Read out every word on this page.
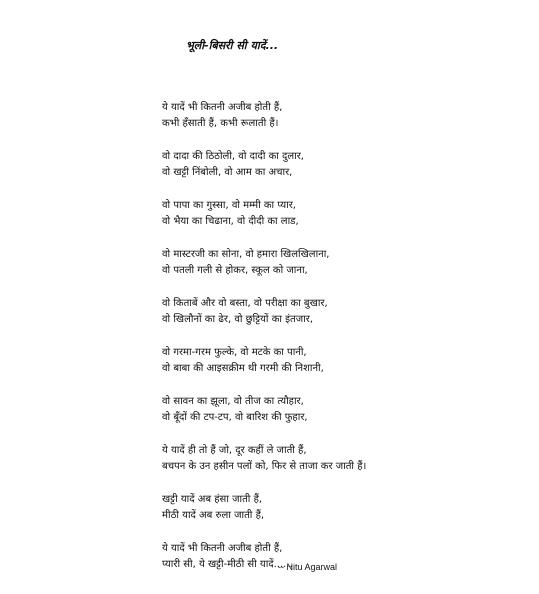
भूली-बिसरी सी यादें...
ये यादें भी कितनी अजीब होती हैं,
कभी हँसाती हैं, कभी रूलाती हैं।
वो दादा की ठिठोली, वो दादी का दुलार,
वो खट्टी निंबोली, वो आम का अचार,
वो पापा का गुस्सा, वो मम्मी का प्यार,
वो भैया का चिढाना, वो दीदी का लाड,
वो मास्टरजी का सोना, वो हमारा खिलखिलाना,
वो पतली गली से होकर, स्कूल को जाना,
वो किताबें और वो बस्ता, वो परीक्षा का बुखार,
वो खिलौनों का ढेर, वो छुट्टियों का इंतजार,
वो गरमा-गरम फुल्के, वो मटके का पानी,
वो बाबा की आइसक्रीम थी गरमी की निशानी,
वो सावन का झूला, वो तीज का त्यौहार,
वो बूँदों की टप-टप, वो बारिश की फुहार,
ये यादें ही तो हैं जो, दूर कहीं ले जाती हैं,
बचपन के उन हसीन पलों को, फिर से ताजा कर जाती हैं।
खट्टी यादें अब हंसा जाती हैं,
मीठी यादें अब रुला जाती हैं,
ये यादें भी कितनी अजीब होती हैं,
प्यारी सी, ये खट्टी-मीठी सी यादें......
-- Nitu Agarwal
